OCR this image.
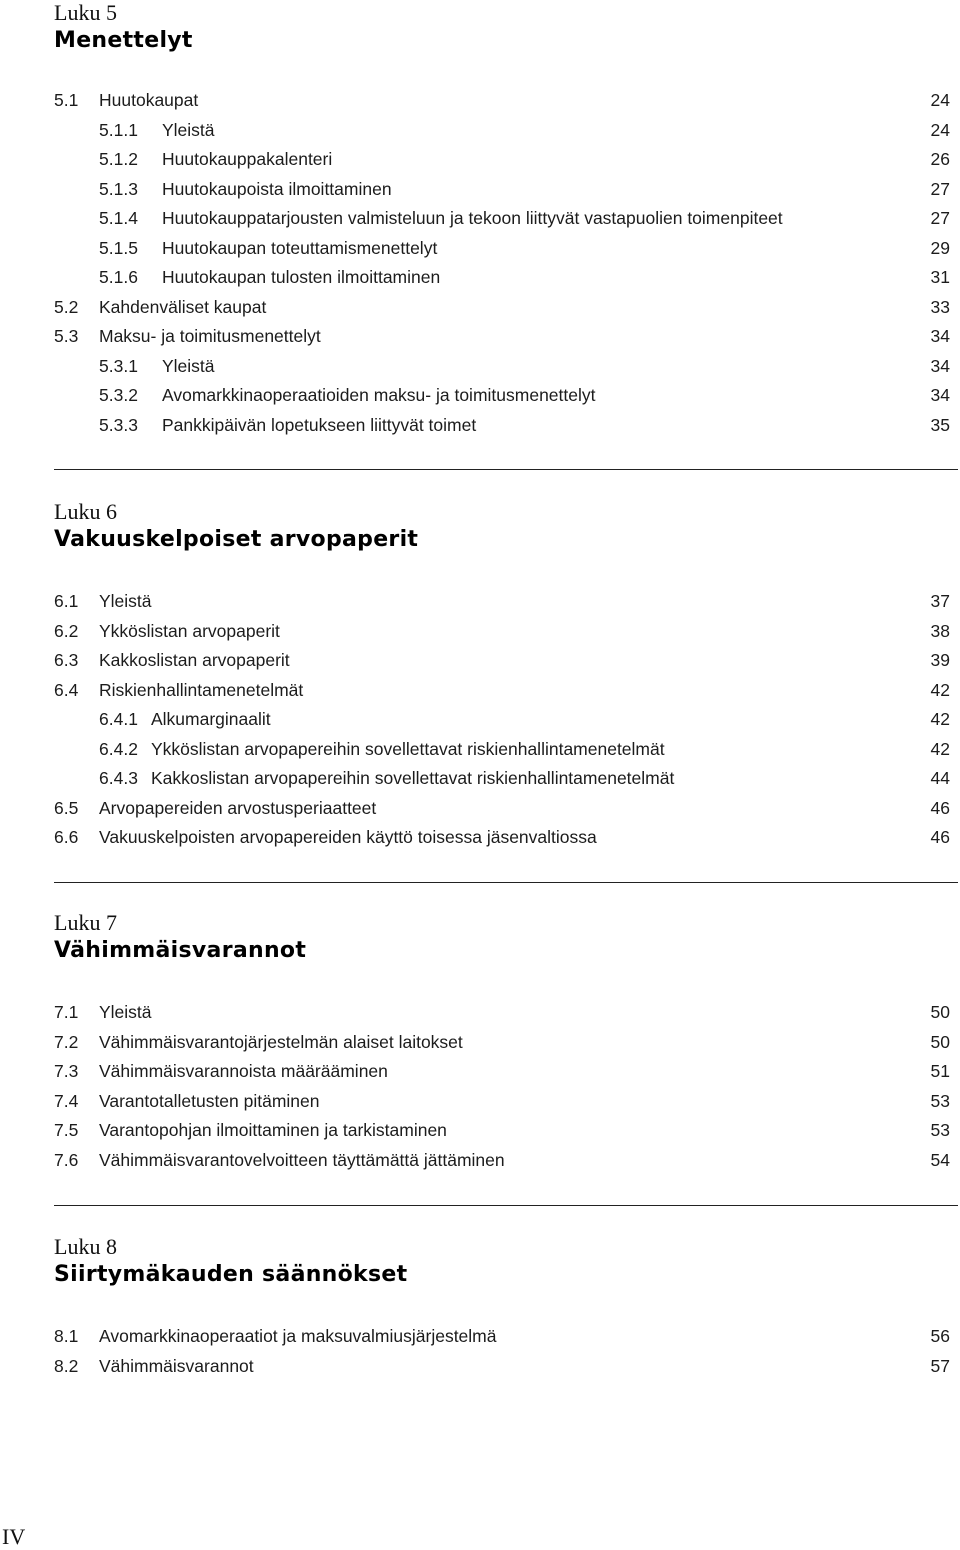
Luku 5
Menettelyt
5.1 Huutokaupat	24
5.1.1 Yleistä	24
5.1.2 Huutokauppakalenteri	26
5.1.3 Huutokaupoista ilmoittaminen	27
5.1.4 Huutokauppatarjousten valmisteluun ja tekoon liittyvät vastapuolien toimenpiteet	27
5.1.5 Huutokaupan toteuttamismenettelyt	29
5.1.6 Huutokaupan tulosten ilmoittaminen	31
5.2 Kahdenväliset kaupat	33
5.3 Maksu- ja toimitusmenettelyt	34
5.3.1 Yleistä	34
5.3.2 Avomarkkinaoperaatioiden maksu- ja toimitusmenettelyt	34
5.3.3 Pankkipäivän lopetukseen liittyvät toimet	35
Luku 6
Vakuuskelpoiset arvopaperit
6.1 Yleistä	37
6.2 Ykköslistan arvopaperit	38
6.3 Kakkoslistan arvopaperit	39
6.4 Riskienhallintamenetelmät	42
6.4.1 Alkumarginaalit	42
6.4.2 Ykköslistan arvopapereihin sovellettavat riskienhallintamenetelmät	42
6.4.3 Kakkoslistan arvopapereihin sovellettavat riskienhallintamenetelmät	44
6.5 Arvopapereiden arvostusperiaatteet	46
6.6 Vakuuskelpoisten arvopapereiden käyttö toisessa jäsenvaltiossa	46
Luku 7
Vähimmäisvarannot
7.1 Yleistä	50
7.2 Vähimmäisvarantojärjestelmän alaiset laitokset	50
7.3 Vähimmäisvarannoista määrääminen	51
7.4 Varantotalletusten pitäminen	53
7.5 Varantopohjan ilmoittaminen ja tarkistaminen	53
7.6 Vähimmäisvarantovelvoitteen täyttämättä jättäminen	54
Luku 8
Siirtymäkauden säännökset
8.1 Avomarkkinaoperaatiot ja maksuvalmiusjärjestelmä	56
8.2 Vähimmäisvarannot	57
IV
